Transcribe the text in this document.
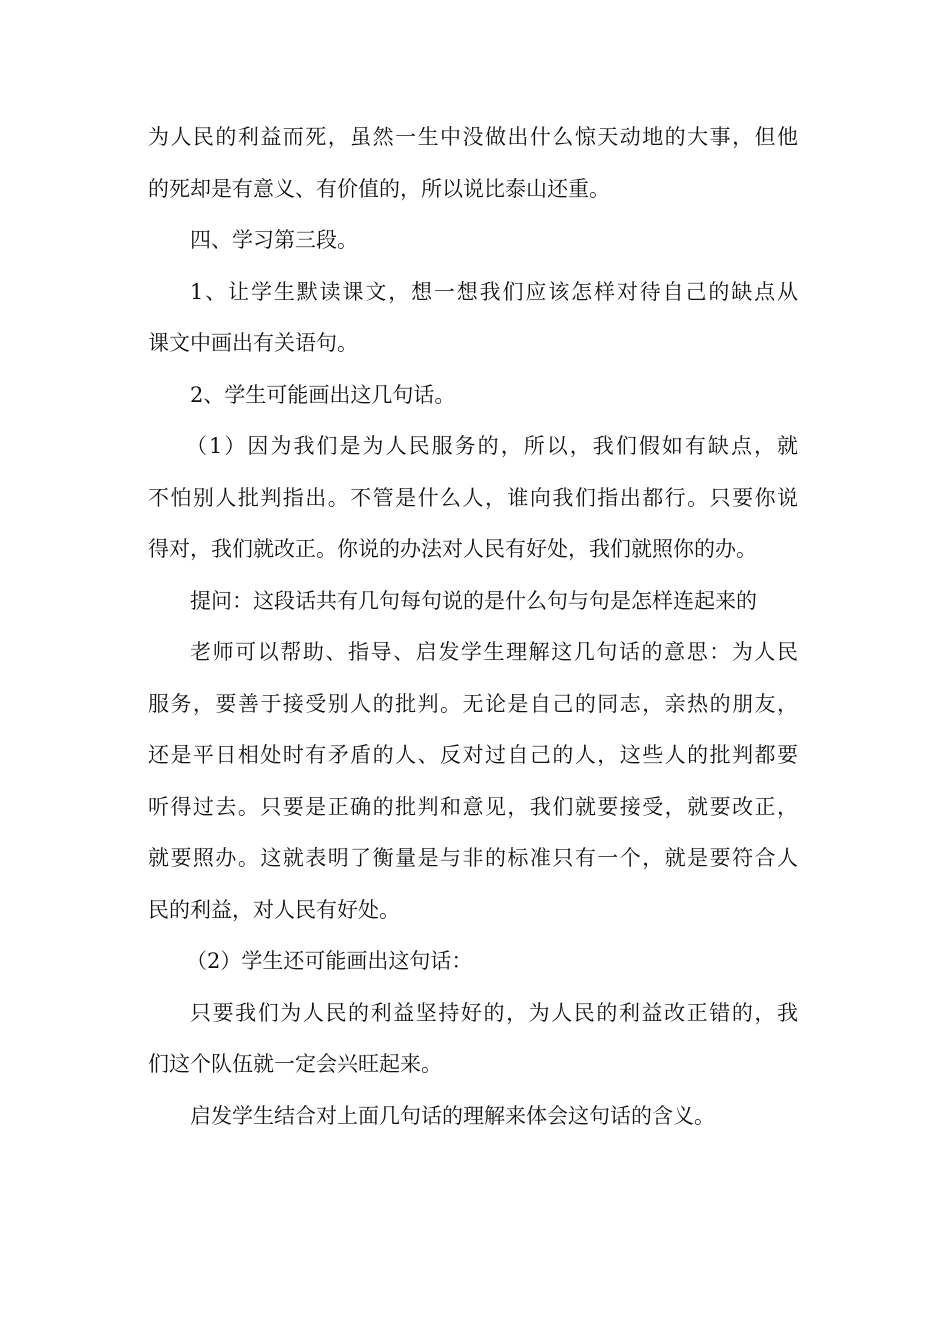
为人民的利益而死，虽然一生中没做出什么惊天动地的大事，但他
的死却是有意义、有价值的，所以说比泰山还重。
四、学习第三段。
1、让学生默读课文，想一想我们应该怎样对待自己的缺点从
课文中画出有关语句。
2、学生可能画出这几句话。
（1）因为我们是为人民服务的，所以，我们假如有缺点，就
不怕别人批判指出。不管是什么人，谁向我们指出都行。只要你说
得对，我们就改正。你说的办法对人民有好处，我们就照你的办。
提问：这段话共有几句每句说的是什么句与句是怎样连起来的
老师可以帮助、指导、启发学生理解这几句话的意思：为人民
服务，要善于接受别人的批判。无论是自己的同志，亲热的朋友，
还是平日相处时有矛盾的人、反对过自己的人，这些人的批判都要
听得过去。只要是正确的批判和意见，我们就要接受，就要改正，
就要照办。这就表明了衡量是与非的标准只有一个，就是要符合人
民的利益，对人民有好处。
（2）学生还可能画出这句话：
只要我们为人民的利益坚持好的，为人民的利益改正错的，我
们这个队伍就一定会兴旺起来。
启发学生结合对上面几句话的理解来体会这句话的含义。
